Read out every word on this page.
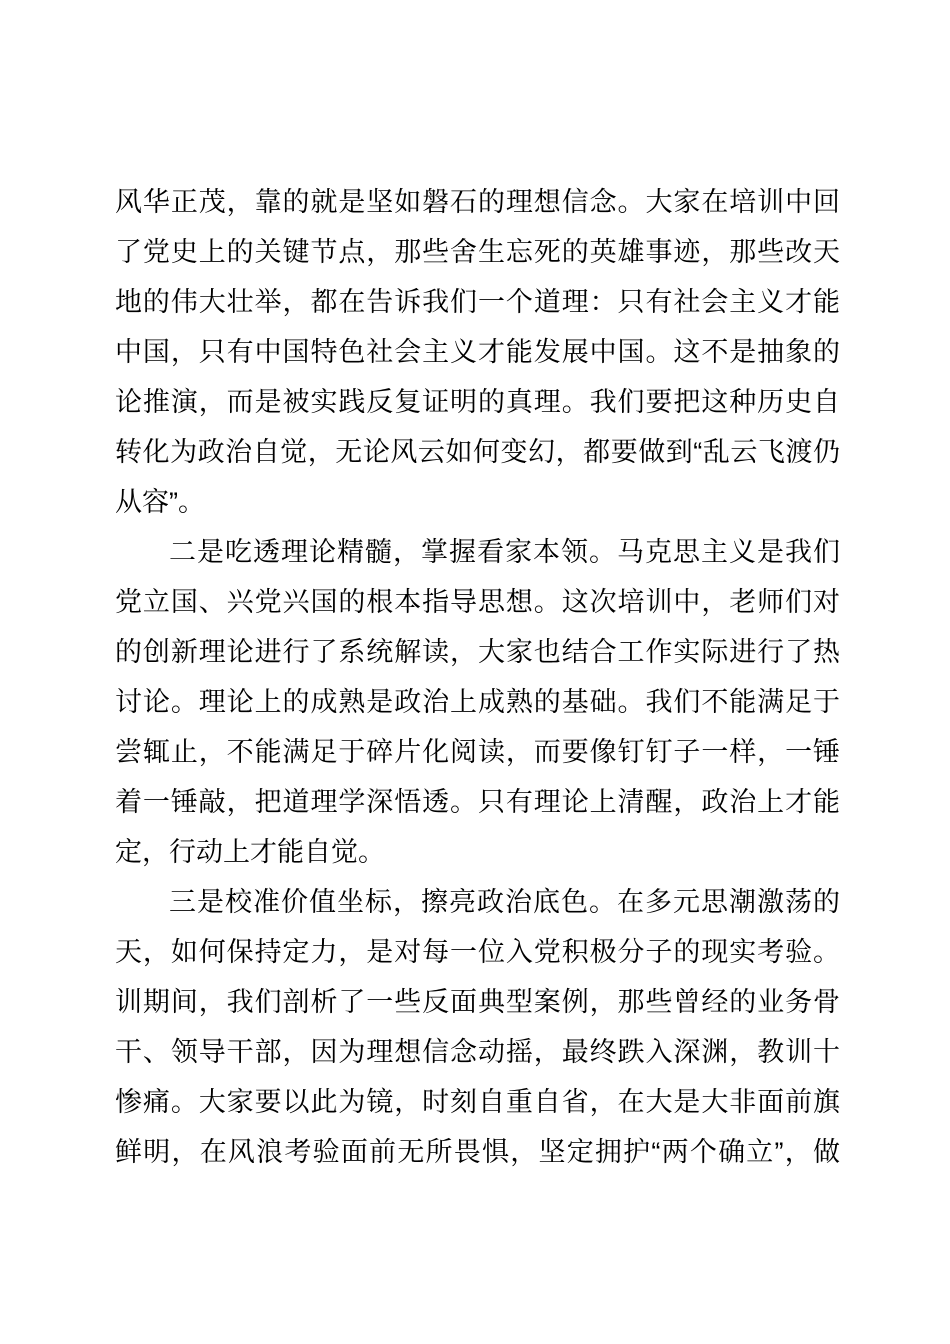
风华正茂，靠的就是坚如磐石的理想信念。大家在培训中回
了党史上的关键节点，那些舍生忘死的英雄事迹，那些改天
地的伟大壮举，都在告诉我们一个道理：只有社会主义才能
中国，只有中国特色社会主义才能发展中国。这不是抽象的
论推演，而是被实践反复证明的真理。我们要把这种历史自
转化为政治自觉，无论风云如何变幻，都要做到“乱云飞渡仍
从容”。
二是吃透理论精髓，掌握看家本领。马克思主义是我们
党立国、兴党兴国的根本指导思想。这次培训中，老师们对
的创新理论进行了系统解读，大家也结合工作实际进行了热
讨论。理论上的成熟是政治上成熟的基础。我们不能满足于
尝辄止，不能满足于碎片化阅读，而要像钉钉子一样，一锤
着一锤敲，把道理学深悟透。只有理论上清醒，政治上才能
定，行动上才能自觉。
三是校准价值坐标，擦亮政治底色。在多元思潮激荡的
天，如何保持定力，是对每一位入党积极分子的现实考验。
训期间，我们剖析了一些反面典型案例，那些曾经的业务骨
干、领导干部，因为理想信念动摇，最终跌入深渊，教训十
惨痛。大家要以此为镜，时刻自重自省，在大是大非面前旗
鲜明，在风浪考验面前无所畏惧，坚定拥护“两个确立”，做
